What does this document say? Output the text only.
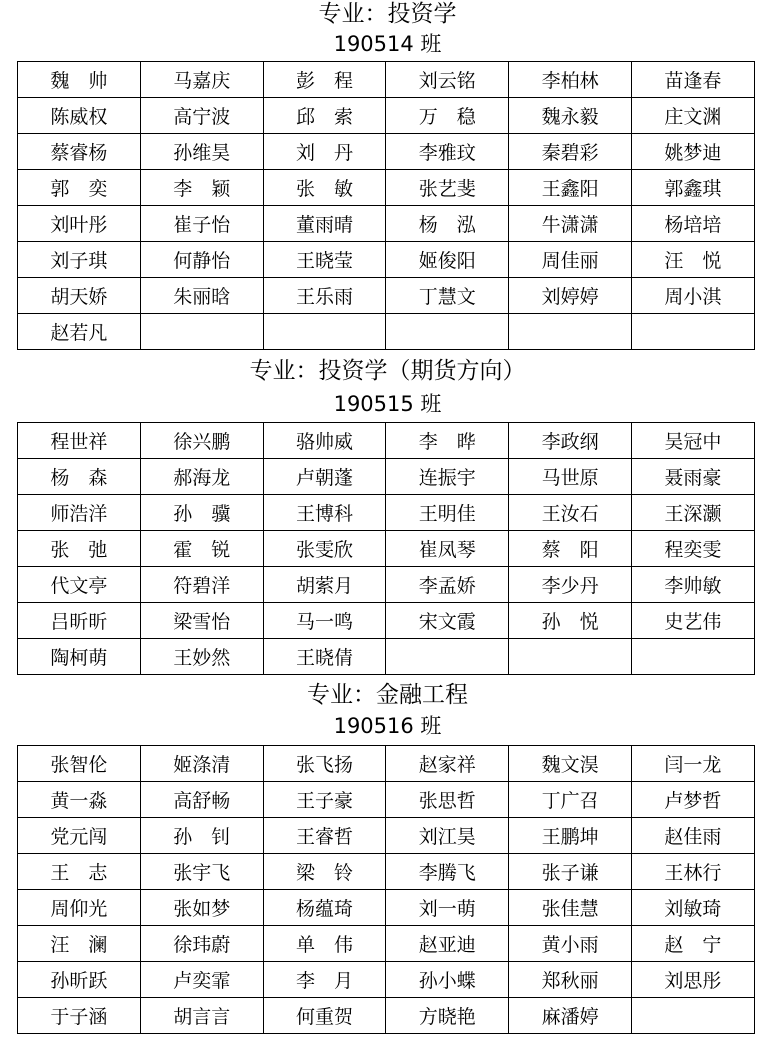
专业：投资学
190514 班
魏　帅	马嘉庆	彭　程	刘云铭	李柏林	苗逢春
陈威权	高宁波	邱　索	万　稳	魏永毅	庄文渊
蔡睿杨	孙维昊	刘　丹	李雅玟	秦碧彩	姚梦迪
郭　奕	李　颖	张　敏	张艺斐	王鑫阳	郭鑫琪
刘叶彤	崔子怡	董雨晴	杨　泓	牛潇潇	杨培培
刘子琪	何静怡	王晓莹	姬俊阳	周佳丽	汪　悦
胡天娇	朱丽晗	王乐雨	丁慧文	刘婷婷	周小淇
赵若凡					
专业：投资学（期货方向）
190515 班
程世祥	徐兴鹏	骆帅威	李　晔	李政纲	吴冠中
杨　森	郝海龙	卢朝蓬	连振宇	马世原	聂雨豪
师浩洋	孙　骥	王博科	王明佳	王汝石	王深灏
张　弛	霍　锐	张雯欣	崔凤琴	蔡　阳	程奕雯
代文亭	符碧洋	胡萦月	李孟娇	李少丹	李帅敏
吕昕昕	梁雪怡	马一鸣	宋文霞	孙　悦	史艺伟
陶柯萌	王妙然	王晓倩			
专业：金融工程
190516 班
张智伦	姬涤清	张飞扬	赵家祥	魏文淏	闫一龙
黄一淼	高舒畅	王子豪	张思哲	丁广召	卢梦哲
党元闯	孙　钊	王睿哲	刘江昊	王鹏坤	赵佳雨
王　志	张宇飞	梁　铃	李腾飞	张子谦	王林行
周仰光	张如梦	杨蕴琦	刘一萌	张佳慧	刘敏琦
汪　澜	徐玮蔚	单　伟	赵亚迪	黄小雨	赵　宁
孙昕跃	卢奕霏	李　月	孙小蝶	郑秋丽	刘思彤
于子涵	胡言言	何重贺	方晓艳	麻潘婷	
